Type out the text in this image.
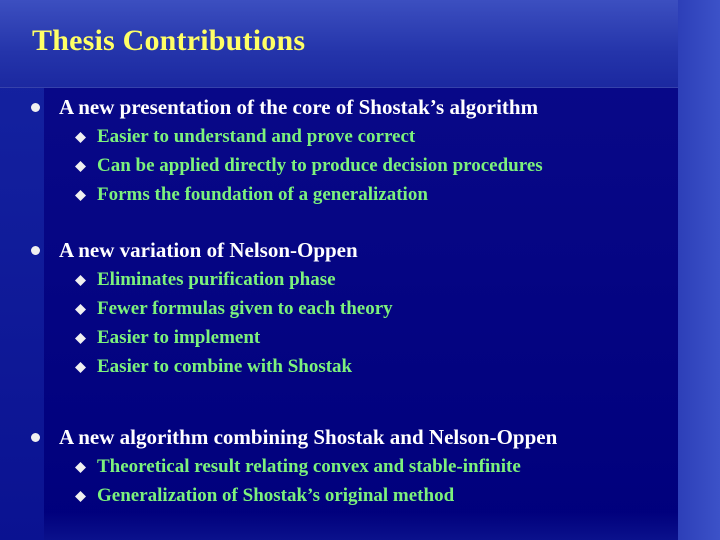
Thesis Contributions
A new presentation of the core of Shostak’s algorithm
Easier to understand and prove correct
Can be applied directly to produce decision procedures
Forms the foundation of a generalization
A new variation of Nelson-Oppen
Eliminates purification phase
Fewer formulas given to each theory
Easier to implement
Easier to combine with Shostak
A new algorithm combining Shostak and Nelson-Oppen
Theoretical result relating convex and stable-infinite
Generalization of Shostak’s original method
